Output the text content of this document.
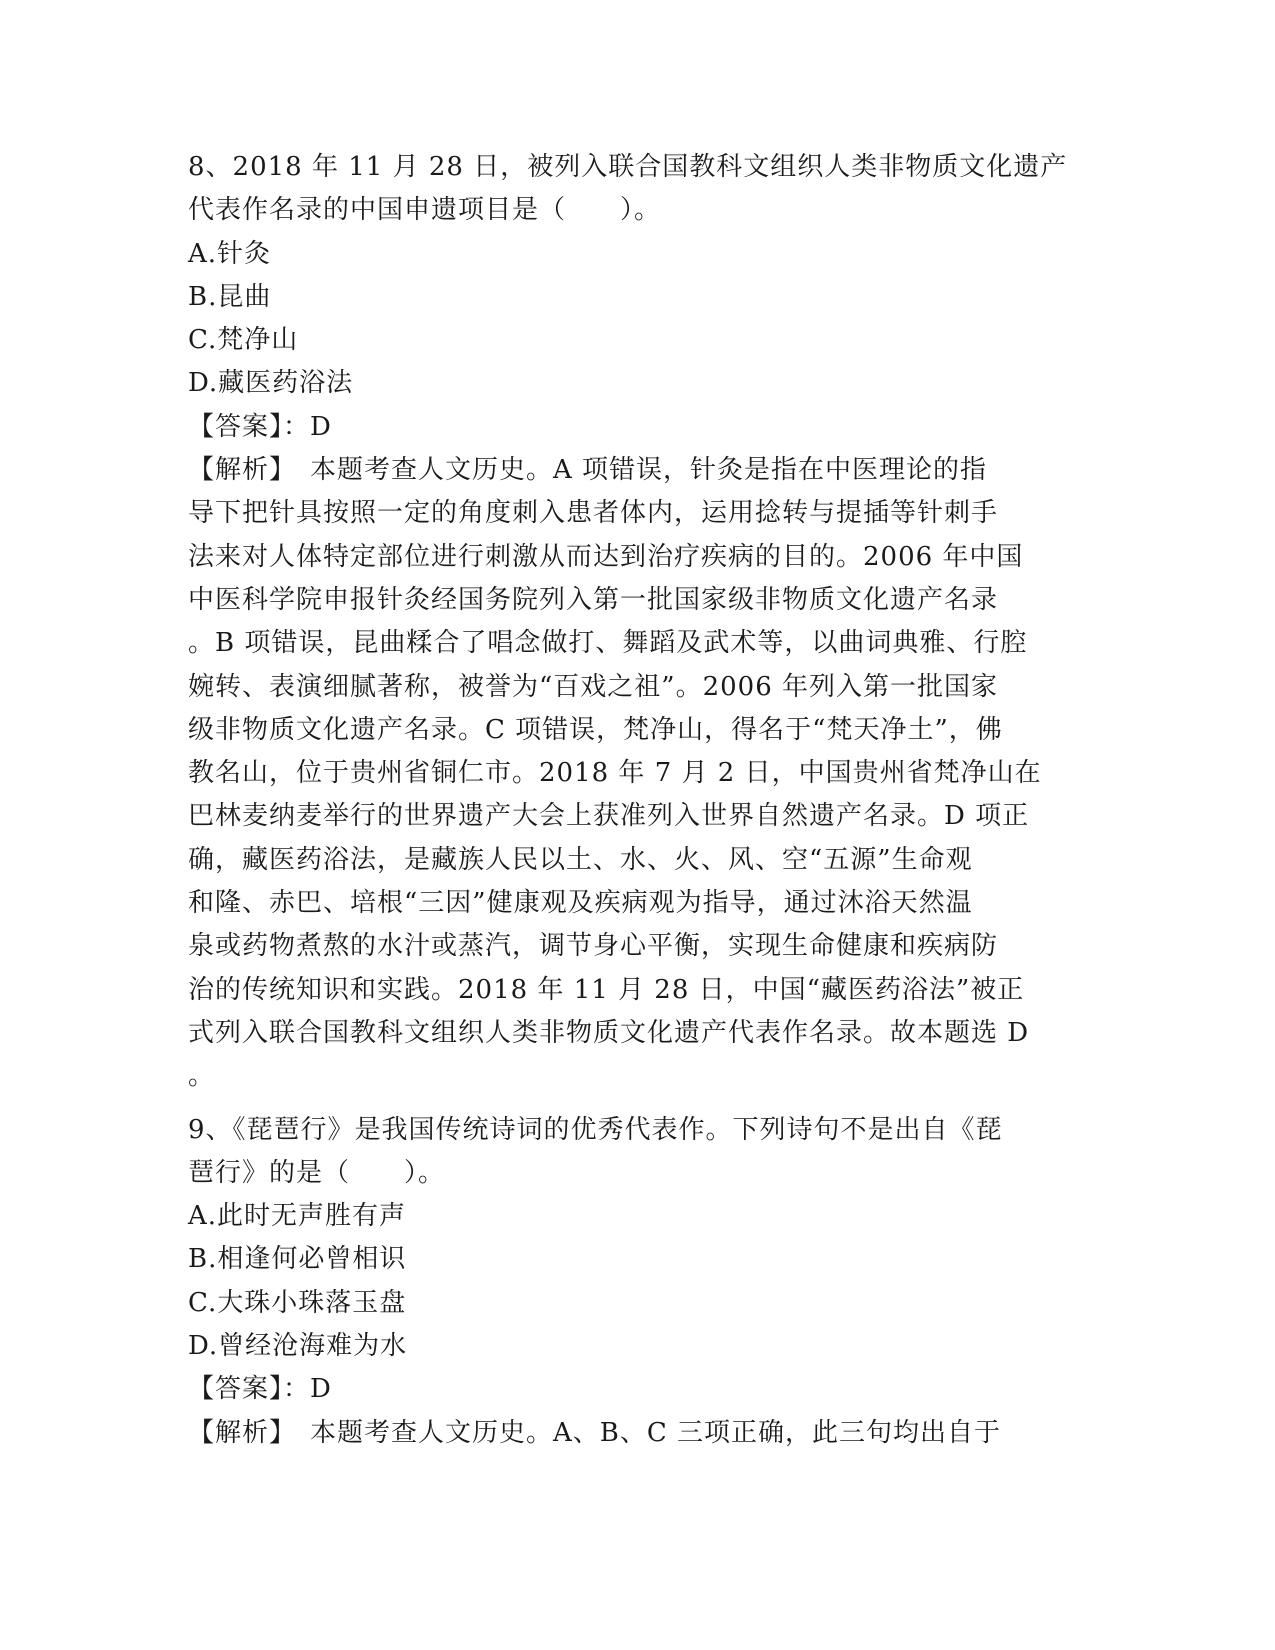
8、2018 年 11 月 28 日，被列入联合国教科文组织人类非物质文化遗产
代表作名录的中国申遗项目是（　　）。
A.针灸
B.昆曲
C.梵净山
D.藏医药浴法
【答案】：D
【解析】　本题考查人文历史。A 项错误，针灸是指在中医理论的指
导下把针具按照一定的角度刺入患者体内，运用捻转与提插等针刺手
法来对人体特定部位进行刺激从而达到治疗疾病的目的。2006 年中国
中医科学院申报针灸经国务院列入第一批国家级非物质文化遗产名录
。B 项错误，昆曲糅合了唱念做打、舞蹈及武术等，以曲词典雅、行腔
婉转、表演细腻著称，被誉为“百戏之祖”。2006 年列入第一批国家
级非物质文化遗产名录。C 项错误，梵净山，得名于“梵天净土”，佛
教名山，位于贵州省铜仁市。2018 年 7 月 2 日，中国贵州省梵净山在
巴林麦纳麦举行的世界遗产大会上获准列入世界自然遗产名录。D 项正
确，藏医药浴法，是藏族人民以土、水、火、风、空“五源”生命观
和隆、赤巴、培根“三因”健康观及疾病观为指导，通过沐浴天然温
泉或药物煮熬的水汁或蒸汽，调节身心平衡，实现生命健康和疾病防
治的传统知识和实践。2018 年 11 月 28 日，中国“藏医药浴法”被正
式列入联合国教科文组织人类非物质文化遗产代表作名录。故本题选 D
。
9、《琵琶行》是我国传统诗词的优秀代表作。下列诗句不是出自《琵
琶行》的是（　　）。
A.此时无声胜有声
B.相逢何必曾相识
C.大珠小珠落玉盘
D.曾经沧海难为水
【答案】：D
【解析】　本题考查人文历史。A、B、C 三项正确，此三句均出自于
